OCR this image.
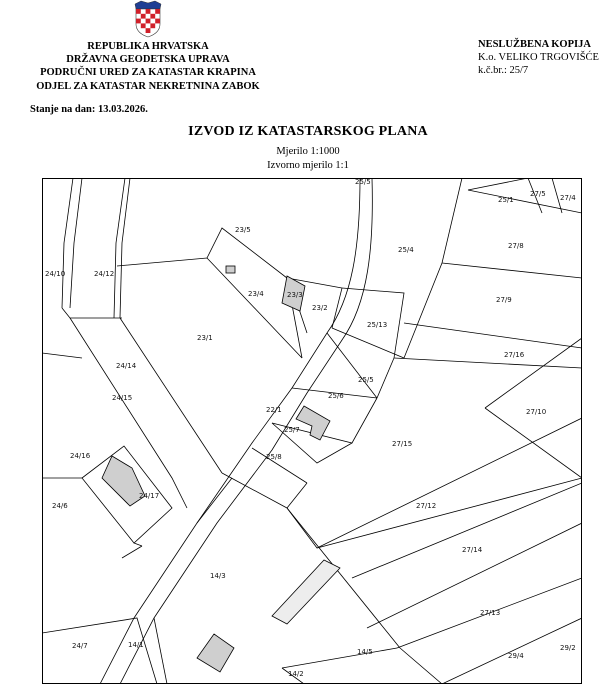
REPUBLIKA HRVATSKA
DRŽAVNA GEODETSKA UPRAVA
PODRUČNI URED ZA KATASTAR KRAPINA
ODJEL ZA KATASTAR NEKRETNINA ZABOK
NESLUŽBENA KOPIJA
K.o. VELIKO TRGOVIŠĆE
k.č.br.: 25/7
Stanje na dan: 13.03.2026.
IZVOD IZ KATASTARSKOG PLANA
Mjerilo 1:1000
Izvorno mjerilo 1:1
25/5
23/5
24/10	24/12
23/4	23/3
23/2
23/1
25/4
25/13
25/1
27/5 27/4
27/8
27/9
27/16
24/14
24/15
25/5
25/6
22/1
25/7
25/8
27/10
27/15
24/16
24/17
24/6	27/12
27/14
14/3
27/13
24/7	14/1
14/5	29/4
29/2
14/2
